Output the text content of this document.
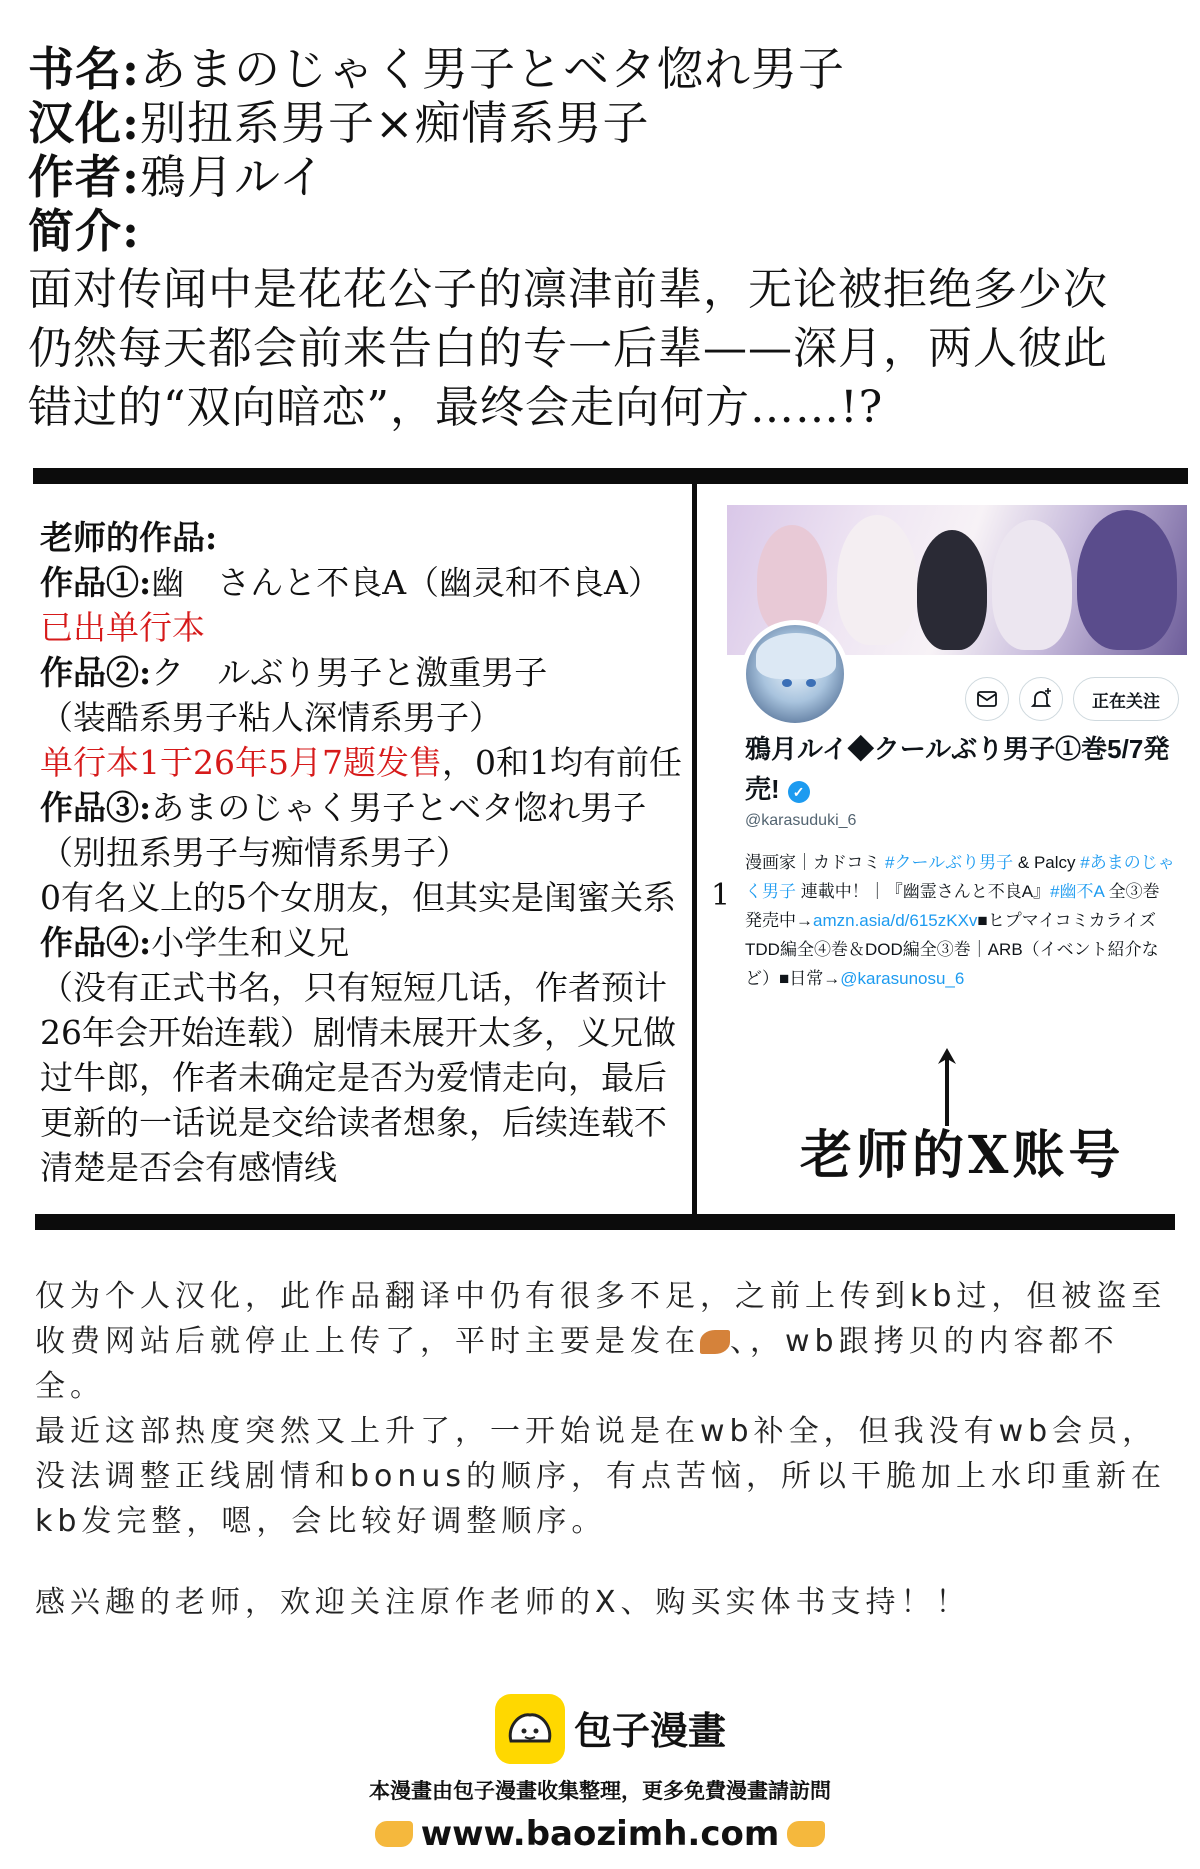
书名:あまのじゃく男子とベタ惚れ男子
汉化:别扭系男子×痴情系男子
作者:鴉月ルイ
简介:
面对传闻中是花花公子的凛津前辈，无论被拒绝多少次
仍然每天都会前来告白的专一后辈——深月，两人彼此
错过的“双向暗恋”，最终会走向何方……!?
老师的作品:
作品①:幽　さんと不良A（幽灵和不良A）
已出单行本
作品②:ク　ルぶり男子と激重男子
（装酷系男子粘人深情系男子）
单行本1于26年5月7题发售，0和1均有前任
作品③:あまのじゃく男子とベタ惚れ男子
（别扭系男子与痴情系男子）
0有名义上的5个女朋友，但其实是闺蜜关系
作品④:小学生和义兄
（没有正式书名，只有短短几话，作者预计
26年会开始连载）剧情未展开太多，义兄做
过牛郎，作者未确定是否为爱情走向，最后
更新的一话说是交给读者想象，后续连载不
清楚是否会有感情线
1
正在关注
鴉月ルイ◆クールぶり男子①巻5/7発売! ✓
@karasuduki_6
漫画家｜カドコミ #クールぶり男子 & Palcy #あまのじゃく男子 連載中！｜『幽霊さんと不良A』#幽不A 全③巻発売中→amzn.asia/d/615zKXv■ヒプマイコミカライズTDD編全④巻＆DOD編全③巻｜ARB（イベント紹介など）■日常→@karasunosu_6
老师的X账号

仅为个人汉化，此作品翻译中仍有很多不足，之前上传到kb过，但被盗至收费网站后就停止上传了，平时主要是发在 、，wb跟拷贝的内容都不全。

最近这部热度突然又上升了，一开始说是在wb补全，但我没有wb会员，没法调整正线剧情和bonus的顺序，有点苦恼，所以干脆加上水印重新在kb发完整，嗯，会比较好调整顺序。

感兴趣的老师，欢迎关注原作老师的X、购买实体书支持！！

包子漫畫
本漫畫由包子漫畫收集整理，更多免費漫畫請訪問
www.baozimh.com
